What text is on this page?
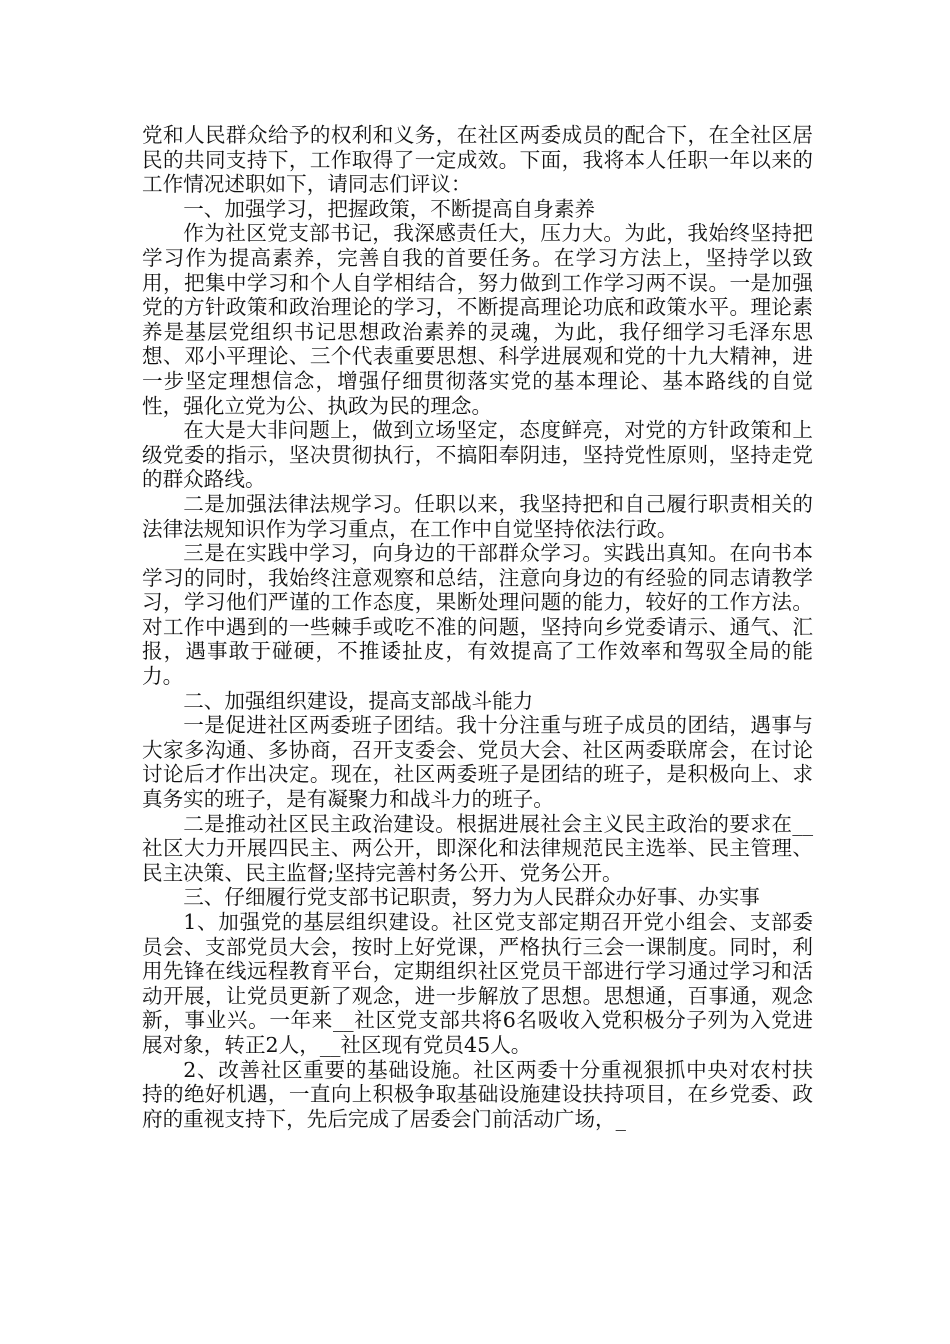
党和人民群众给予的权利和义务，在社区两委成员的配合下，在全社区居民的共同支持下，工作取得了一定成效。下面，我将本人任职一年以来的工作情况述职如下，请同志们评议：

一、加强学习，把握政策，不断提高自身素养

作为社区党支部书记，我深感责任大，压力大。为此，我始终坚持把学习作为提高素养，完善自我的首要任务。在学习方法上，坚持学以致用，把集中学习和个人自学相结合，努力做到工作学习两不误。一是加强党的方针政策和政治理论的学习，不断提高理论功底和政策水平。理论素养是基层党组织书记思想政治素养的灵魂，为此，我仔细学习毛泽东思想、邓小平理论、三个代表重要思想、科学进展观和党的十九大精神，进一步坚定理想信念，增强仔细贯彻落实党的基本理论、基本路线的自觉性，强化立党为公、执政为民的理念。

在大是大非问题上，做到立场坚定，态度鲜亮，对党的方针政策和上级党委的指示，坚决贯彻执行，不搞阳奉阴违，坚持党性原则，坚持走党的群众路线。

二是加强法律法规学习。任职以来，我坚持把和自己履行职责相关的法律法规知识作为学习重点，在工作中自觉坚持依法行政。

三是在实践中学习，向身边的干部群众学习。实践出真知。在向书本学习的同时，我始终注意观察和总结，注意向身边的有经验的同志请教学习，学习他们严谨的工作态度，果断处理问题的能力，较好的工作方法。对工作中遇到的一些棘手或吃不准的问题，坚持向乡党委请示、通气、汇报，遇事敢于碰硬，不推诿扯皮，有效提高了工作效率和驾驭全局的能力。

二、加强组织建设，提高支部战斗能力

一是促进社区两委班子团结。我十分注重与班子成员的团结，遇事与大家多沟通、多协商，召开支委会、党员大会、社区两委联席会，在讨论讨论后才作出决定。现在，社区两委班子是团结的班子，是积极向上、求真务实的班子，是有凝聚力和战斗力的班子。

二是推动社区民主政治建设。根据进展社会主义民主政治的要求在__社区大力开展四民主、两公开，即深化和法律规范民主选举、民主管理、民主决策、民主监督;坚持完善村务公开、党务公开。

三、仔细履行党支部书记职责，努力为人民群众办好事、办实事

1、加强党的基层组织建设。社区党支部定期召开党小组会、支部委员会、支部党员大会，按时上好党课，严格执行三会一课制度。同时，利用先锋在线远程教育平台，定期组织社区党员干部进行学习通过学习和活动开展，让党员更新了观念，进一步解放了思想。思想通，百事通，观念新，事业兴。一年来__社区党支部共将6名吸收入党积极分子列为入党进展对象，转正2人，__社区现有党员45人。

2、改善社区重要的基础设施。社区两委十分重视狠抓中央对农村扶持的绝好机遇，一直向上积极争取基础设施建设扶持项目，在乡党委、政府的重视支持下，先后完成了居委会门前活动广场，_
